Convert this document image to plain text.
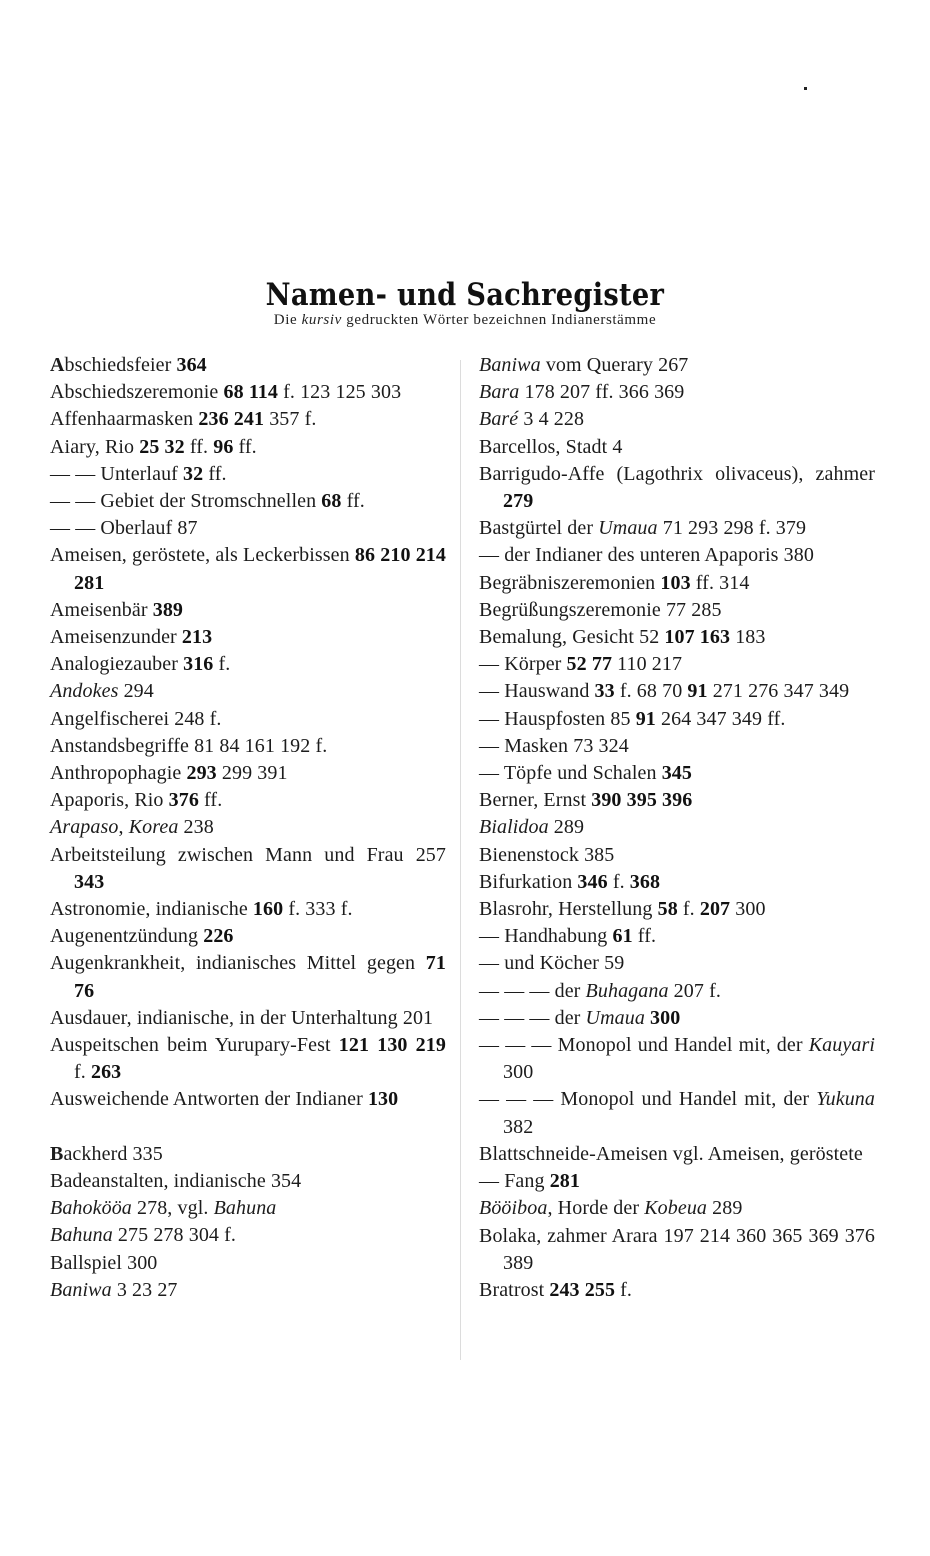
Namen- und Sachregister
Die kursiv gedruckten Wörter bezeichnen Indianerstämme
Abschiedsfeier 364
Abschiedszeremonie 68 114 f. 123 125 303
Affenhaarmasken 236 241 357 f.
Aiary, Rio 25 32 ff. 96 ff.
— — Unterlauf 32 ff.
— — Gebiet der Stromschnellen 68 ff.
— — Oberlauf 87
Ameisen, geröstete, als Leckerbissen 86 210 214 281
Ameisenbär 389
Ameisenzunder 213
Analogiezauber 316 f.
Andokes 294
Angelfischerei 248 f.
Anstandsbegriffe 81 84 161 192 f.
Anthropophagie 293 299 391
Apaporis, Rio 376 ff.
Arapaso, Korea 238
Arbeitsteilung zwischen Mann und Frau 257 343
Astronomie, indianische 160 f. 333 f.
Augenentzündung 226
Augenkrankheit, indianisches Mittel gegen 71 76
Ausdauer, indianische, in der Unterhaltung 201
Auspeitschen beim Yurupary-Fest 121 130 219 f. 263
Ausweichende Antworten der Indianer 130
Backherd 335
Badeanstalten, indianische 354
Bahokööa 278, vgl. Bahuna
Bahuna 275 278 304 f.
Ballspiel 300
Baniwa 3 23 27
Baniwa vom Querary 267
Bara 178 207 ff. 366 369
Baré 3 4 228
Barcellos, Stadt 4
Barrigudo-Affe (Lagothrix olivaceus), zahmer 279
Bastgürtel der Umaua 71 293 298 f. 379
— der Indianer des unteren Apaporis 380
Begräbniszeremonien 103 ff. 314
Begrüßungszeremonie 77 285
Bemalung, Gesicht 52 107 163 183
— Körper 52 77 110 217
— Hauswand 33 f. 68 70 91 271 276 347 349
— Hauspfosten 85 91 264 347 349 ff.
— Masken 73 324
— Töpfe und Schalen 345
Berner, Ernst 390 395 396
Bialidoa 289
Bienenstock 385
Bifurkation 346 f. 368
Blasrohr, Herstellung 58 f. 207 300
— Handhabung 61 ff.
— und Köcher 59
— — — der Buhagana 207 f.
— — — der Umaua 300
— — — Monopol und Handel mit, der Kauyari 300
— — — Monopol und Handel mit, der Yukuna 382
Blattschneide-Ameisen vgl. Ameisen, geröstete
— Fang 281
Bööiboa, Horde der Kobeua 289
Bolaka, zahmer Arara 197 214 360 365 369 376 389
Bratrost 243 255 f.
